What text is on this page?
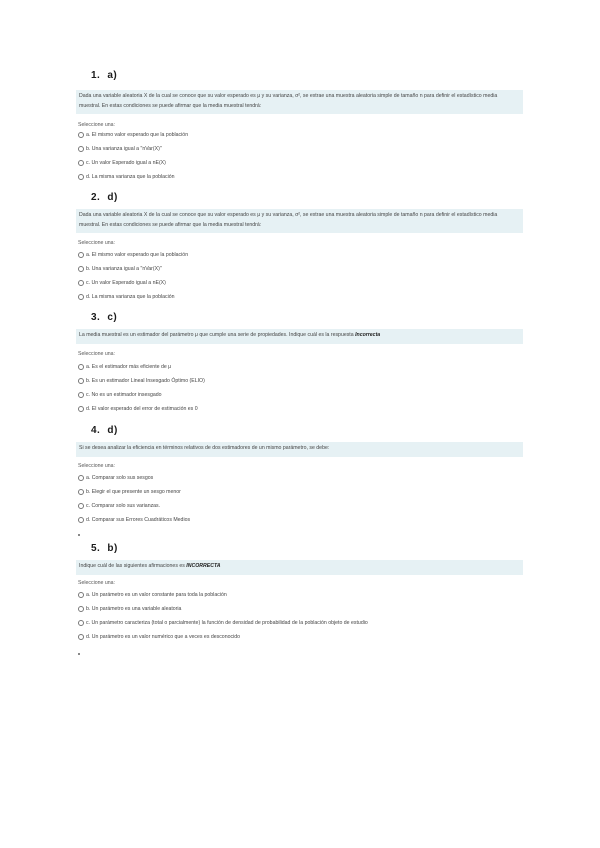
1. a)
Dada una variable aleatoria X de la cual se conoce que su valor esperado es μ y su varianza, σ², se extrae una muestra aleatoria simple de tamaño n para definir el estadístico media muestral. En estas condiciones se puede afirmar que la media muestral tendrá:
Seleccione una:
a. El mismo valor esperado que la población
b. Una varianza igual a "nVar(X)"
c. Un valor Esperado igual a nE(X)
d. La misma varianza que la población
2. d)
Dada una variable aleatoria X de la cual se conoce que su valor esperado es μ y su varianza, σ², se extrae una muestra aleatoria simple de tamaño n para definir el estadístico media muestral. En estas condiciones se puede afirmar que la media muestral tendrá:
Seleccione una:
a. El mismo valor esperado que la población
b. Una varianza igual a "nVar(X)"
c. Un valor Esperado igual a nE(X)
d. La misma varianza que la población
3. c)
La media muestral es un estimador del parámetro μ que cumple una serie de propiedades. Indique cuál es la respuesta Incorrecta
Seleccione una:
a. Es el estimador más eficiente de μ
b. Es un estimador Lineal Insesgado Óptimo (ELIO)
c. No es un estimador insesgado
d. El valor esperado del error de estimación es 0
4. d)
Si se desea analizar la eficiencia en términos relativos de dos estimadores de un mismo parámetro, se debe:
Seleccione una:
a. Comparar solo sus sesgos
b. Elegir el que presente un sesgo menor
c. Comparar solo sus varianzas.
d. Comparar sus Errores Cuadráticos Medios
5. b)
Indique cuál de las siguientes afirmaciones es INCORRECTA
Seleccione una:
a. Un parámetro es un valor constante para toda la población
b. Un parámetro es una variable aleatoria
c. Un parámetro caracteriza (total o parcialmente) la función de densidad de probabilidad de la población objeto de estudio
d. Un parámetro es un valor numérico que a veces es desconocido
